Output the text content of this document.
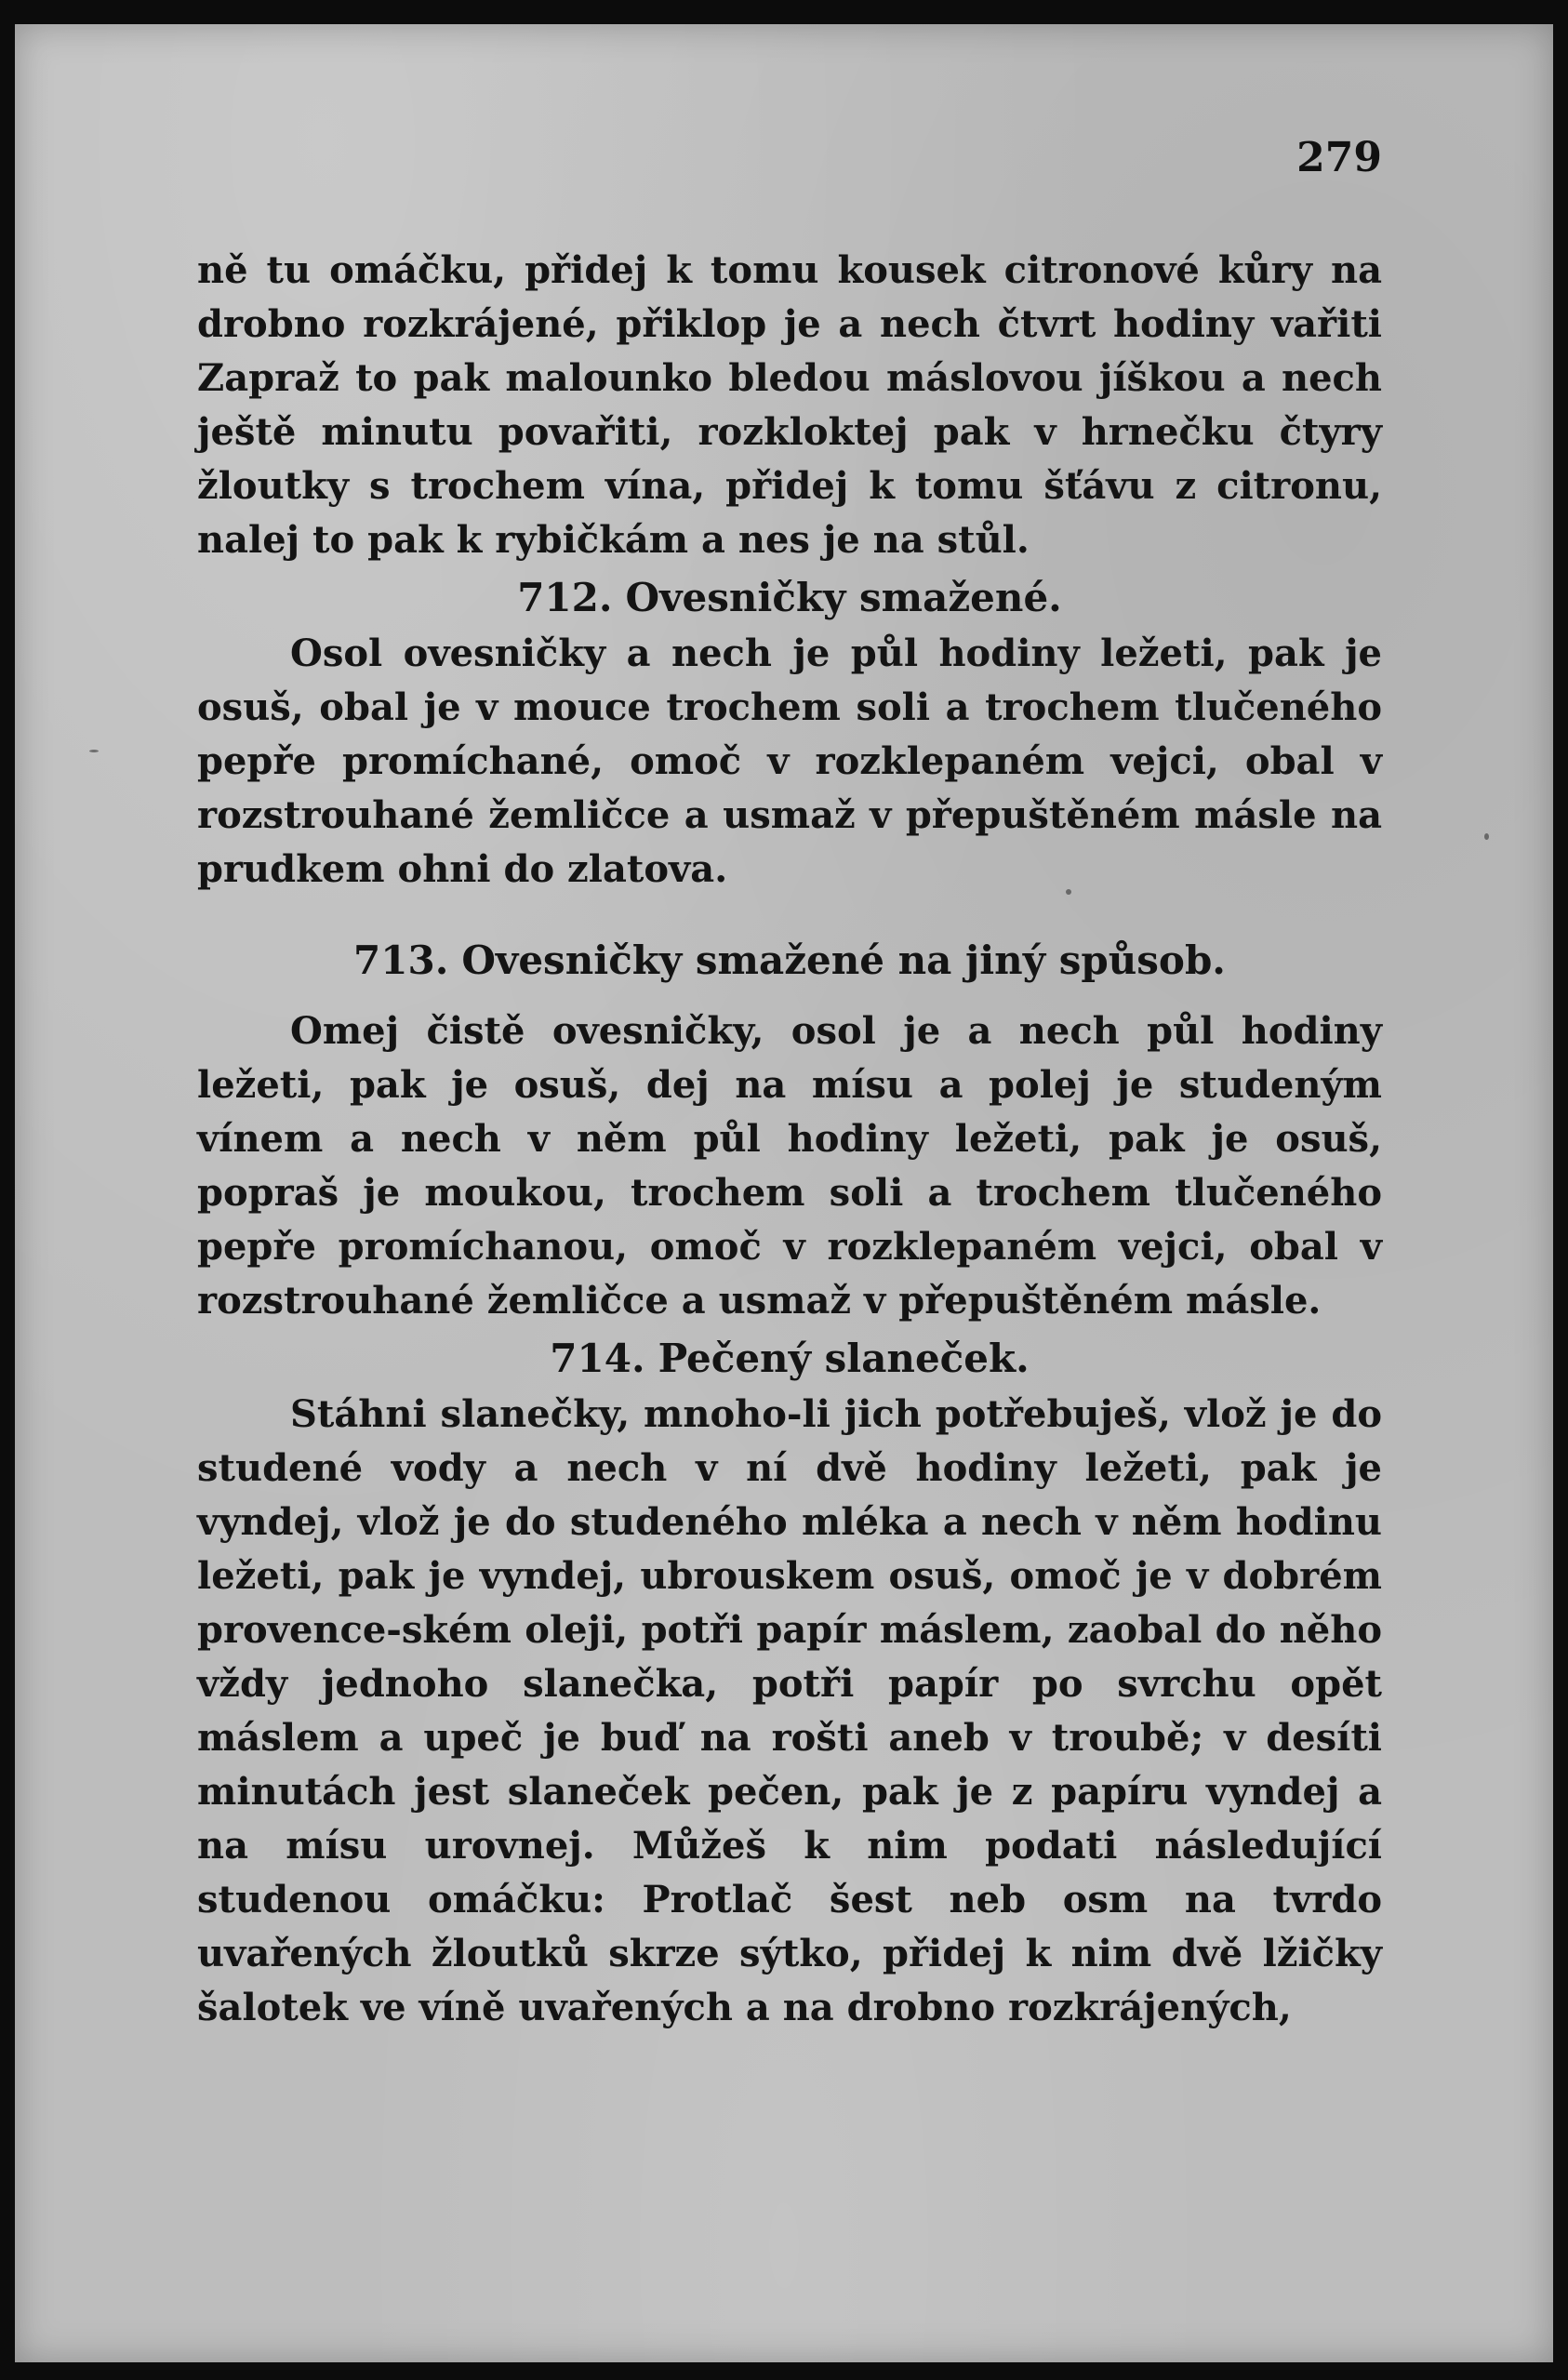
279

ně tu omáčku, přidej k tomu kousek citronové kůry na drobno rozkrájené, přiklop je a nech čtvrt hodiny vařiti Zapraž to pak malounko bledou máslovou jíškou a nech ještě minutu povařiti, rozkloktej pak v hrnečku čtyry žloutky s trochem vína, přidej k tomu šťávu z citronu, nalej to pak k rybičkám a nes je na stůl.

712. Ovesničky smažené.

Osol ovesničky a nech je půl hodiny ležeti, pak je osuš, obal je v mouce trochem soli a trochem tlučeného pepře promíchané, omoč v rozklepaném vejci, obal v rozstrouhané žemličce a usmaž v přepuštěném másle na prudkem ohni do zlatova.

713. Ovesničky smažené na jiný spůsob.

Omej čistě ovesničky, osol je a nech půl hodiny ležeti, pak je osuš, dej na mísu a polej je studeným vínem a nech v něm půl hodiny ležeti, pak je osuš, popraš je moukou, trochem soli a trochem tlučeného pepře promíchanou, omoč v rozklepaném vejci, obal v rozstrouhané žemličce a usmaž v přepuštěném másle.

714. Pečený slaneček.

Stáhni slanečky, mnoho-li jich potřebuješ, vlož je do studené vody a nech v ní dvě hodiny ležeti, pak je vyndej, vlož je do studeného mléka a nech v něm hodinu ležeti, pak je vyndej, ubrouskem osuš, omoč je v dobrém provence-ském oleji, potři papír máslem, zaobal do něho vždy jednoho slanečka, potři papír po svrchu opět máslem a upeč je buď na rošti aneb v troubě; v desíti minutách jest slaneček pečen, pak je z papíru vyndej a na mísu urovnej. Můžeš k nim podati následující studenou omáčku: Protlač šest neb osm na tvrdo uvařených žloutků skrze sýtko, přidej k nim dvě lžičky šalotek ve víně uvařených a na drobno rozkrájených,
